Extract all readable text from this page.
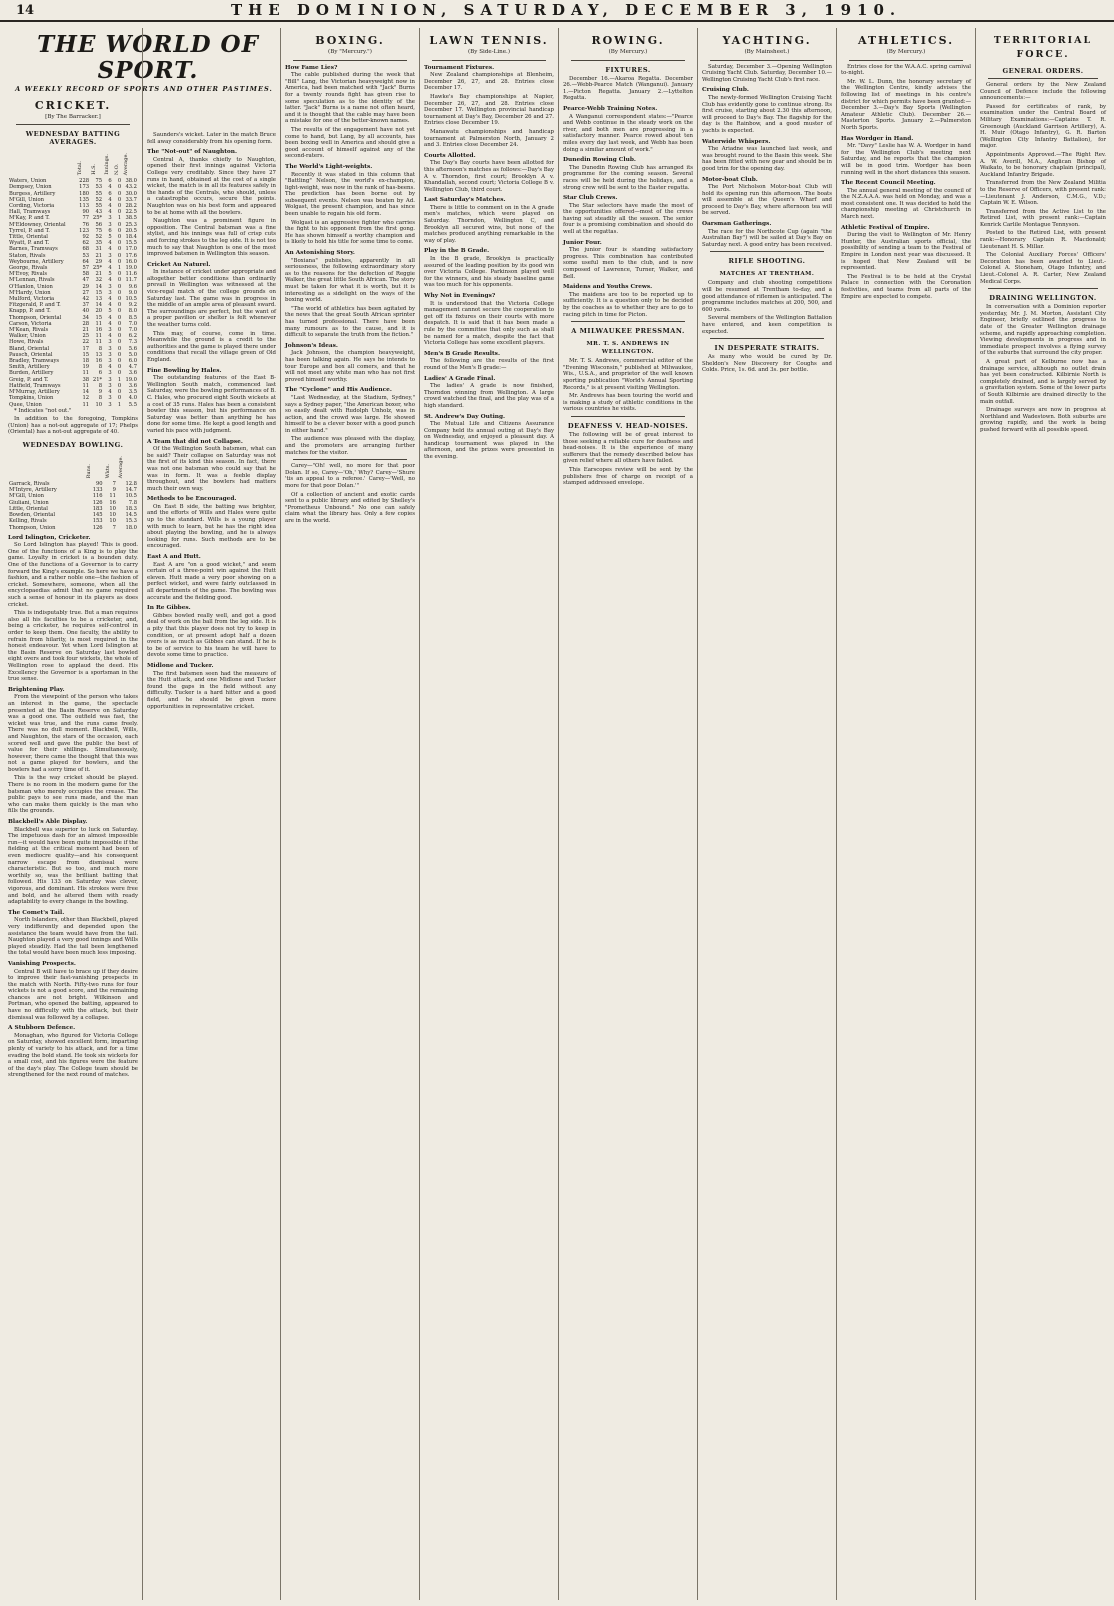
14	THE DOMINION, SATURDAY, DECEMBER 3, 1910.
THE WORLD OF SPORT.
A WEEKLY RECORD OF SPORTS AND OTHER PASTIMES.
CRICKET.
[By The Barracker.]
WEDNESDAY BATTING AVERAGES.
	Total.	H.S.	Innings.	N.O.	Average.
Waters, Union	228	75	6	0	38.0
Dempsey, Union	173	53	4	0	43.2
Burgess, Artillery	180	55	6	0	30.0
M'Gill, Union	135	52	4	0	33.7
Cording, Victoria	113	55	4	0	28.2
Hall, Tramways	90	43	4	0	22.5
M'Kay, P. and T.	77	25*	3	1	38.5
M'Eldowney, Oriental	76	56	3	0	25.3
Tyrrel, P. and T.	123	75	6	0	20.5
Tittle, Oriental	92	52	5	0	18.4
Wyatt, P. and T.	62	35	4	0	15.5
Barnes, Tramways	68	31	4	0	17.0
Staton, Rivals	53	21	3	0	17.6
Weybourne, Artillery	64	29	4	0	16.0
George, Rivals	57	25*	4	1	19.0
M'Evoy, Rivals	58	21	5	0	11.6
M'Lennan, Rivals	47	32	4	0	11.7
O'Hanlon, Union	29	14	3	0	9.6
M'Hardy, Union	27	15	3	0	9.0
Mulford, Victoria	42	13	4	0	10.5
Fitzgerald, P. and T.	37	14	4	0	9.2
Knapp, P. and T.	40	20	5	0	8.0
Thompson, Oriental	34	15	4	0	8.5
Carson, Victoria	28	11	4	0	7.0
M'Kean, Rivals	21	16	3	0	7.0
Walker, Union	25	11	4	0	6.2
Howe, Rivals	22	11	3	0	7.3
Bland, Oriental	17	8	3	0	5.6
Pausch, Oriental	15	13	3	0	5.0
Bradley, Tramways	18	16	3	0	6.0
Smith, Artillery	19	8	4	0	4.7
Burden, Artillery	11	6	3	0	3.6
Greig, P. and T.	38	21*	3	1	19.0
Hatfield, Tramways	11	8	3	0	3.6
M'Murray, Artillery	14	9	4	0	3.5
Tompkins, Union	12	8	3	0	4.0
Quee, Union	11	10	3	1	5.5

* Indicates "not out."

In addition to the foregoing, Tompkins (Union) has a not-out aggregate of 17; Phelps (Oriental) has a not-out aggregate of 40.

WEDNESDAY BOWLING.
	Runs.	Wkts.	Average.
Garrack, Rivals	90	7	12.8
M'Intyre, Artillery	133	9	14.7
M'Gill, Union	116	11	10.5
Giuliani, Union	126	16	7.8
Little, Oriental	183	10	18.3
Bowden, Oriental	145	10	14.5
Kelling, Rivals	153	10	15.3
Thompson, Union	126	7	18.0
Lord Islington, Cricketer.

So Lord Islington has played! This is good. One of the functions of a King is to play the game. Loyalty in cricket is a bounden duty. One of the functions of a Governor is to carry forward the King's example. So here we have a fashion, and a rather noble one—the fashion of cricket. Somewhere, someone, when all the encyclopaedias admit that no game required such a sense of honour in its players as does cricket.

This is indisputably true. But a man requires also all his faculties to be a cricketer, and, being a cricketer, he requires self-control in order to keep them. One faculty, the ability to refrain from hilarity, is most required in the honest endeavour. Yet when Lord Islington at the Basin Reserve on Saturday last bowled eight overs and took four wickets, the whole of Wellington rose to applaud the deed. His Excellency the Governor is a sportsman in the true sense.

Brightening Play.

From the viewpoint of the person who takes an interest in the game, the spectacle presented at the Basin Reserve on Saturday was a good one. The outfield was fast, the wicket was true, and the runs came freely. There was no dull moment. Blackbell, Wills, and Naughton, the stars of the occasion, each scored well and gave the public the best of value for their shillings. Simultaneously, however, there came the thought that this was not a game played for bowlers, and the bowlers had a sorry time of it.

This is the way cricket should be played. There is no room in the modern game for the batsman who merely occupies the crease. The public pays to see runs made, and the man who can make them quickly is the man who fills the grounds.

Blackbell's Able Display.

Blackbell was superior to luck on Saturday. The impetuous dash for an almost impossible run—it would have been quite impossible if the fielding at the critical moment had been of even mediocre quality—and his consequent narrow escape from dismissal were characteristic. But so too, and much more worthily so, was the brilliant batting that followed. His 133 on Saturday was clever, vigorous, and dominant. His strokes were free and bold, and he altered them with ready adaptability to every change in the bowling.

The Comet's Tail.

North Islanders, other than Blackbell, played very indifferently and depended upon the assistance the team would have from the tail. Naughton played a very good innings and Wills played steadily. Had the tail been lengthened the total would have been much less imposing.

Vanishing Prospects.

Central B will have to brace up if they desire to improve their fast-vanishing prospects in the match with North. Fifty-two runs for four wickets is not a good score, and the remaining chances are not bright. Wilkinson and Portman, who opened the batting, appeared to have no difficulty with the attack, but their dismissal was followed by a collapse.

A Stubborn Defence.

Monaghan, who figured for Victoria College on Saturday, showed excellent form, imparting plenty of variety to his attack, and for a time evading the bold stand. He took six wickets for a small cost, and his figures were the feature of the day's play. The College team should be strengthened for the next round of matches.

Saunders's wicket. Later in the match Bruce fell away considerably from his opening form.

The "Not-out" of Naughton.

Central A, thanks chiefly to Naughton, opened their first innings against Victoria College very creditably. Since they have 27 runs in hand, obtained at the cost of a single wicket, the match is in all its features safely in the hands of the Centrals, who should, unless a catastrophe occurs, secure the points. Naughton was on his best form and appeared to be at home with all the bowlers.

Naughton was a prominent figure in opposition. The Central batsman was a fine stylist, and his innings was full of crisp cuts and forcing strokes to the leg side. It is not too much to say that Naughton is one of the most improved batsmen in Wellington this season.

Cricket Au Naturel.

In instance of cricket under appropriate and altogether better conditions than ordinarily prevail in Wellington was witnessed at the vice-regal match of the college grounds on Saturday last. The game was in progress in the middle of an ample area of pleasant sward. The surroundings are perfect, but the want of a proper pavilion or shelter is felt whenever the weather turns cold.

This may, of course, come in time. Meanwhile the ground is a credit to the authorities and the game is played there under conditions that recall the village green of Old England.

Fine Bowling by Hales.

The outstanding features of the East B-Wellington South match, commenced last Saturday, were the bowling performances of B. C. Hales, who procured eight South wickets at a cost of 35 runs. Hales has been a consistent bowler this season, but his performance on Saturday was better than anything he has done for some time. He kept a good length and varied his pace with judgment.

A Team that did not Collapse.

Of the Wellington South batsmen, what can be said? Their collapse on Saturday was not the first of its kind this season. In fact, there was not one batsman who could say that he was in form. It was a feeble display throughout, and the bowlers had matters much their own way.

Methods to be Encouraged.

On East B side, the batting was brighter, and the efforts of Wills and Hales were quite up to the standard. Wills is a young player with much to learn, but he has the right idea about playing the bowling, and he is always looking for runs. Such methods are to be encouraged.

East A and Hutt.

East A are "on a good wicket," and seem certain of a three-point win against the Hutt eleven. Hutt made a very poor showing on a perfect wicket, and were fairly outclassed in all departments of the game. The bowling was accurate and the fielding good.

In Re Gibbes.

Gibbes bowled really well, and got a good deal of work on the ball from the leg side. It is a pity that this player does not try to keep in condition, or at present adopt half a dozen overs is as much as Gibbes can stand. If he is to be of service to his team he will have to devote some time to practice.

Midlone and Tucker.

The first batsmen seen had the measure of the Hutt attack, and one Midlone and Tucker found the gaps in the field without any difficulty. Tucker is a hard hitter and a good field, and he should be given more opportunities in representative cricket.

BOXING.
(By "Mercury.")
How Fame Lies?

The cable published during the week that "Bill" Lang, the Victorian heavyweight now in America, had been matched with "Jack" Burns for a twenty rounds fight has given rise to some speculation as to the identity of the latter. "Jack" Burns is a name not often heard, and it is thought that the cable may have been a mistake for one of the better-known names.

The results of the engagement have not yet come to hand, but Lang, by all accounts, has been boxing well in America and should give a good account of himself against any of the second-raters.

The World's Light-weights.

Recently it was stated in this column that "Battling" Nelson, the world's ex-champion, light-weight, was now in the rank of has-beens. The prediction has been borne out by subsequent events. Nelson was beaten by Ad. Wolgast, the present champion, and has since been unable to regain his old form.

Wolgast is an aggressive fighter who carries the fight to his opponent from the first gong. He has shown himself a worthy champion and is likely to hold his title for some time to come.

An Astonishing Story.

"Boxiana" publishes, apparently in all seriousness, the following extraordinary story as to the reasons for the defection of Reggie Walker, the great little South African. The story must be taken for what it is worth, but it is interesting as a sidelight on the ways of the boxing world.

"The world of athletics has been agitated by the news that the great South African sprinter has turned professional. There have been many rumours as to the cause, and it is difficult to separate the truth from the fiction."

Johnson's Ideas.

Jack Johnson, the champion heavyweight, has been talking again. He says he intends to tour Europe and box all comers, and that he will not meet any white man who has not first proved himself worthy.

The "Cyclone" and His Audience.

"Last Wednesday, at the Stadium, Sydney," says a Sydney paper, "the American boxer, who so easily dealt with Rudolph Unholz, was in action, and the crowd was large. He showed himself to be a clever boxer with a good punch in either hand."

The audience was pleased with the display, and the promoters are arranging further matches for the visitor.

Carey—"Oh! well, no more for that poor Dolan. If so, Carey—'Oh,' Why? Carey—'Shure 'tis an appeal to a referee.' Carey—'Well, no more for that poor Dolan.'"

Of a collection of ancient and exotic cards sent to a public library and edited by Shelley's "Prometheus Unbound." No one can safely claim what the library has. Only a few copies are in the world.

LAWN TENNIS.
(By Side-Line.)
Tournament Fixtures.

New Zealand championships at Blenheim, December 26, 27, and 28. Entries close December 17.

Hawke's Bay championships at Napier, December 26, 27, and 28. Entries close December 17. Wellington provincial handicap tournament at Day's Bay, December 26 and 27. Entries close December 19.

Manawatu championships and handicap tournament at Palmerston North, January 2 and 3. Entries close December 24.

Courts Allotted.

The Day's Bay courts have been allotted for this afternoon's matches as follows:—Day's Bay A v. Thorndon, first court; Brooklyn A v. Khandallah, second court; Victoria College B v. Wellington Club, third court.

Last Saturday's Matches.

There is little to comment on in the A grade men's matches, which were played on Saturday. Thorndon, Wellington C, and Brooklyn all secured wins, but none of the matches produced anything remarkable in the way of play.

Play in the B Grade.

In the B grade, Brooklyn is practically assured of the leading position by its good win over Victoria College. Parkinson played well for the winners, and his steady baseline game was too much for his opponents.

Why Not in Evenings?

It is understood that the Victoria College management cannot secure the cooperation to get off its fixtures on their courts with more despatch. It is said that it has been made a rule by the committee that only such as shall be named for a match, despite the fact that Victoria College has some excellent players.

Men's B Grade Results.

The following are the results of the first round of the Men's B grade:—

Ladies' A Grade Final.

The ladies' A grade is now finished, Thorndon winning from Wellington. A large crowd watched the final, and the play was of a high standard.

St. Andrew's Day Outing.

The Mutual Life and Citizens Assurance Company held its annual outing at Day's Bay on Wednesday, and enjoyed a pleasant day. A handicap tournament was played in the afternoon, and the prizes were presented in the evening.

ROWING.
(By Mercury.)
FIXTURES.

December 16.—Akaroa Regatta. December 26.—Webb-Pearce Match (Wanganui). January 1.—Picton Regatta. January 2.—Lyttelton Regatta.

Pearce-Webb Training Notes.

A Wanganui correspondent states:—"Pearce and Webb continue in the steady work on the river, and both men are progressing in a satisfactory manner. Pearce rowed about ten miles every day last week, and Webb has been doing a similar amount of work."

Dunedin Rowing Club.

The Dunedin Rowing Club has arranged its programme for the coming season. Several races will be held during the holidays, and a strong crew will be sent to the Easter regatta.

Star Club Crews.

The Star selectors have made the most of the opportunities offered—most of the crews having sat steadily all the season. The senior four is a promising combination and should do well at the regattas.

Junior Four.

The junior four is standing satisfactory progress. This combination has contributed some useful men to the club, and is now composed of Lawrence, Turner, Walker, and Bell.

Maidens and Youths Crews.

The maidens are too to be reported up to sufficiently. It is a question only to be decided by the coaches as to whether they are to go to racing pitch in time for Picton.

A MILWAUKEE PRESSMAN.
MR. T. S. ANDREWS IN WELLINGTON.

Mr. T. S. Andrews, commercial editor of the "Evening Wisconsin," published at Milwaukee, Wis., U.S.A., and proprietor of the well known sporting publication "World's Annual Sporting Records," is at present visiting Wellington.

Mr. Andrews has been touring the world and is making a study of athletic conditions in the various countries he visits.

DEAFNESS V. HEAD-NOISES.

The following will be of great interest to those seeking a reliable cure for deafness and head-noises. It is the experience of many sufferers that the remedy described below has given relief where all others have failed.

This Earscopes review will be sent by the publishers free of charge on receipt of a stamped addressed envelope.

YACHTING.
(By Mainsheet.)

Saturday, December 3.—Opening Wellington Cruising Yacht Club. Saturday, December 10.—Wellington Cruising Yacht Club's first race.

Cruising Club.

The newly-formed Wellington Cruising Yacht Club has evidently gone to continue strong. Its first cruise, starting about 2.30 this afternoon, will proceed to Day's Bay. The flagship for the day is the Rainbow, and a good muster of yachts is expected.

Waterwide Whispers.

The Ariadne was launched last week, and was brought round to the Basin this week. She has been fitted with new gear and should be in good trim for the opening day.

Motor-boat Club.

The Port Nicholson Motor-boat Club will hold its opening run this afternoon. The boats will assemble at the Queen's Wharf and proceed to Day's Bay, where afternoon tea will be served.

Oarsman Gatherings.

The race for the Northcote Cup (again "the Australian Bay") will be sailed at Day's Bay on Saturday next. A good entry has been received.

RIFLE SHOOTING.
MATCHES AT TRENTHAM.

Company and club shooting competitions will be resumed at Trentham to-day, and a good attendance of riflemen is anticipated. The programme includes matches at 200, 500, and 600 yards.

Several members of the Wellington Battalion have entered, and keen competition is expected.

IN DESPERATE STRAITS.

As many who would be cured by Dr. Sheldon's New Discovery for Coughs and Colds. Price, 1s. 6d. and 3s. per bottle.

ATHLETICS.
(By Mercury.)

Entries close for the W.A.A.C. spring carnival to-night.

Mr. W. L. Dunn, the honorary secretary of the Wellington Centre, kindly advises the following list of meetings in his centre's district for which permits have been granted:—December 3.—Day's Bay Sports (Wellington Amateur Athletic Club). December 26.—Masterton Sports. January 2.—Palmerston North Sports.

Has Wordger in Hand.

Mr. "Davy" Leslie has W. A. Wordger in hand for the Wellington Club's meeting next Saturday, and he reports that the champion will be in good trim. Wordger has been running well in the short distances this season.

The Recent Council Meeting.

The annual general meeting of the council of the N.Z.A.A.A. was held on Monday, and was a most consistent one. It was decided to hold the championship meeting at Christchurch in March next.

Athletic Festival of Empire.

During the visit to Wellington of Mr. Henry Hunter, the Australian sports official, the possibility of sending a team to the Festival of Empire in London next year was discussed. It is hoped that New Zealand will be represented.

The Festival is to be held at the Crystal Palace in connection with the Coronation festivities, and teams from all parts of the Empire are expected to compete.

TERRITORIAL FORCE.
GENERAL ORDERS.

General orders by the New Zealand Council of Defence include the following announcements:—

Passed for certificates of rank, by examination under the Central Board of Military Examinations:—Captains T. R. Greenough (Auckland Garrison Artillery), A. H. Muir (Otago Infantry), G. R. Barton (Wellington City Infantry Battalion), for major.

Appointments Approved.—The Right Rev. A. W. Averill, M.A., Anglican Bishop of Waikato, to be honorary chaplain (principal), Auckland Infantry Brigade.

Transferred from the New Zealand Militia to the Reserve of Officers, with present rank:—Lieutenant J. Anderson, C.M.G., V.D.; Captain W. E. Wilson.

Transferred from the Active List to the Retired List, with present rank:—Captain Kenrick Carlile Montague Tennyson.

Posted to the Retired List, with present rank:—Honorary Captain R. Macdonald; Lieutenant H. S. Millar.

The Colonial Auxiliary Forces' Officers' Decoration has been awarded to Lieut.-Colonel A. Stoneham, Otago Infantry, and Lieut.-Colonel A. R. Carter, New Zealand Medical Corps.

DRAINING WELLINGTON.

In conversation with a Dominion reporter yesterday, Mr. J. M. Morton, Assistant City Engineer, briefly outlined the progress to date of the Greater Wellington drainage scheme, and rapidly approaching completion. Viewing developments in progress and in immediate prospect involves a flying survey of the suburbs that surround the city proper.

A great part of Kelburne now has a drainage service, although no outlet drain has yet been constructed. Kilbirnie North is completely drained, and is largely served by a gravitation system. Some of the lower parts of South Kilbirnie are drained directly to the main outfall.

Drainage surveys are now in progress at Northland and Wadestown. Both suburbs are growing rapidly, and the work is being pushed forward with all possible speed.
